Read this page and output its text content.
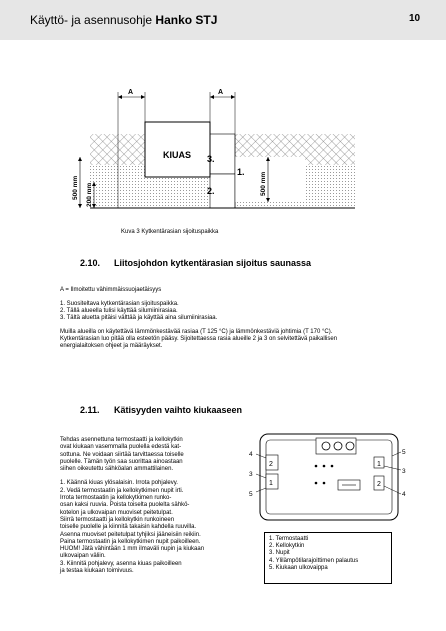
Käyttö- ja asennusohje Hanko STJ	10
KIUAS 3.
2.
1.
A	A
500 mm 200 mm	500 mm
Kuva 3 Kytkentärasian sijoituspaikka
2.10. Liitosjohdon kytkentärasian sijoitus saunassa
A = Ilmoitettu vähimmäissuojaetäisyys

1. Suositeltava kytkentärasian sijoituspaikka.
2. Tällä alueella tulisi käyttää silumiinirasiaa.
3. Tältä aluetta pitäisi välttää ja käyttää aina silumiinirasiaa.
Muilla alueilla on käytettävä lämmönkestävää rasiaa (T 125 °C) ja lämmönkestäviä johtimia (T 170 °C).
Kytkentärasian luo pitää olla esteetön pääsy. Sijoitettaessa rasia alueille 2 ja 3 on selvitettävä paikallisen
energialaitoksen ohjeet ja määräykset.
2.11. Kätisyyden vaihto kiukaaseen
Tehdas asennettuna termostaatti ja kellokytkin
ovat kiukaan vasemmalla puolella edestä kat-
sottuna. Ne voidaan siirtää tarvittaessa toiselle
puolelle. Tämän työn saa suorittaa ainoastaan
siihen oikeutettu sähköalan ammattilainen.
1. Käännä kiuas ylösalaisin. Irrota pohjalevy.
2. Vedä termostaatin ja kellokytkimen nupit irti.
Irrota termostaatin ja kellokytkimen runko-
osan kaksi ruuvia. Poista toiselta puolelta sähkö-
kotelon ja ulkovaipan muoviset peitetulpat.
Siirrä termostaatti ja kellokytkin runkoineen
toiselle puolelle ja kiinnitä takaisin kahdella ruuvilla.
Asenna muoviset peitetulpat tyhjiksi jääneisiin reikiin.
Paina termostaatin ja kellokytkimen nupit paikoilleen.
HUOM! Jätä vähintään 1 mm ilmaväli nupin ja kiukaan
ulkovaipan väliin.
3. Kiinnitä pohjalevy, asenna kiuas paikoilleen
ja testaa kiukaan toimivuus.
2
1
1
2
4
3
5
5
3
4
1. Termostaatti
2. Kellokytkin
3. Nupit
4. Ylilämpötilarajoittimen palautus
5. Kiukaan ulkovaippa
